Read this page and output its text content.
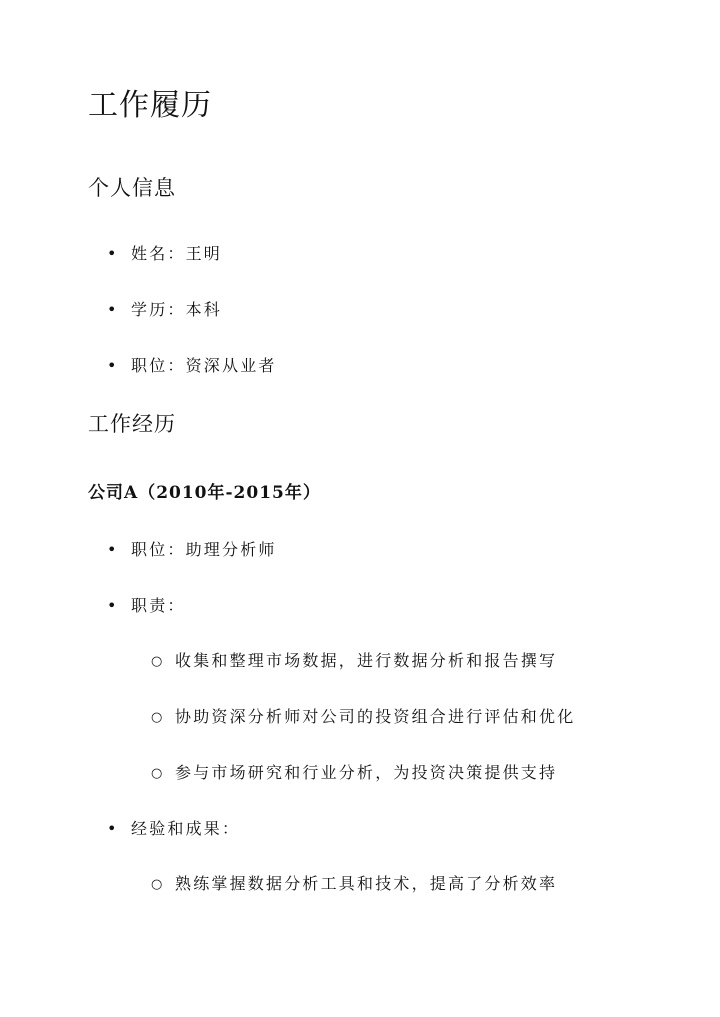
工作履历
个人信息
• 姓名：王明
• 学历：本科
• 职位：资深从业者
工作经历
公司A（2010年-2015年）
• 职位：助理分析师
• 职责：
○ 收集和整理市场数据，进行数据分析和报告撰写
○ 协助资深分析师对公司的投资组合进行评估和优化
○ 参与市场研究和行业分析，为投资决策提供支持
• 经验和成果：
○ 熟练掌握数据分析工具和技术，提高了分析效率
